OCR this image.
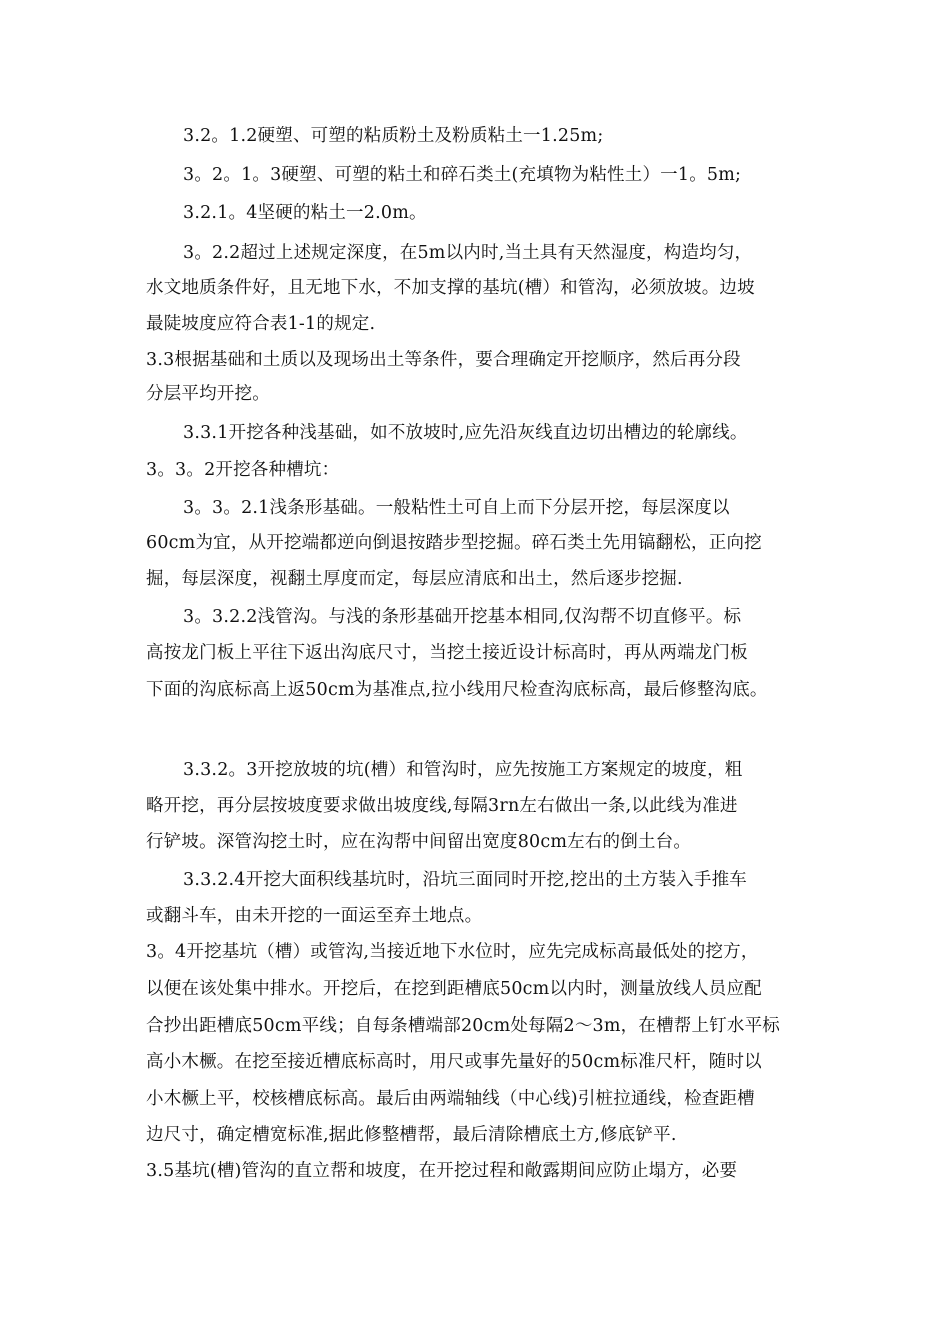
3.2。1.2硬塑、可塑的粘质粉土及粉质粘土一1.25m;
3。2。1。3硬塑、可塑的粘土和碎石类土(充填物为粘性土）一1。5m;
3.2.1。4坚硬的粘土一2.0m。
3。2.2超过上述规定深度，在5m以内时,当土具有天然湿度，构造均匀，
水文地质条件好，且无地下水，不加支撑的基坑(槽）和管沟，必须放坡。边坡
最陡坡度应符合表1-1的规定.
3.3根据基础和土质以及现场出土等条件，要合理确定开挖顺序，然后再分段
分层平均开挖。
3.3.1开挖各种浅基础，如不放坡时,应先沿灰线直边切出槽边的轮廓线。
3。3。2开挖各种槽坑：
3。3。2.1浅条形基础。一般粘性土可自上而下分层开挖，每层深度以
60cm为宜，从开挖端都逆向倒退按踏步型挖掘。碎石类土先用镐翻松，正向挖
掘，每层深度，视翻土厚度而定，每层应清底和出土，然后逐步挖掘.
3。3.2.2浅管沟。与浅的条形基础开挖基本相同,仅沟帮不切直修平。标
高按龙门板上平往下返出沟底尺寸，当挖土接近设计标高时，再从两端龙门板
下面的沟底标高上返50cm为基准点,拉小线用尺检查沟底标高，最后修整沟底。
3.3.2。3开挖放坡的坑(槽）和管沟时，应先按施工方案规定的坡度，粗
略开挖，再分层按坡度要求做出坡度线,每隔3rn左右做出一条,以此线为准进
行铲坡。深管沟挖土时，应在沟帮中间留出宽度80cm左右的倒土台。
3.3.2.4开挖大面积线基坑时，沿坑三面同时开挖,挖出的土方装入手推车
或翻斗车，由未开挖的一面运至弃土地点。
3。4开挖基坑（槽）或管沟,当接近地下水位时，应先完成标高最低处的挖方，
以便在该处集中排水。开挖后，在挖到距槽底50cm以内时，测量放线人员应配
合抄出距槽底50cm平线；自每条槽端部20cm处每隔2～3m，在槽帮上钉水平标
高小木橛。在挖至接近槽底标高时，用尺或事先量好的50cm标准尺杆，随时以
小木橛上平，校核槽底标高。最后由两端轴线（中心线)引桩拉通线，检查距槽
边尺寸，确定槽宽标准,据此修整槽帮，最后清除槽底土方,修底铲平.
3.5基坑(槽)管沟的直立帮和坡度，在开挖过程和敞露期间应防止塌方，必要
